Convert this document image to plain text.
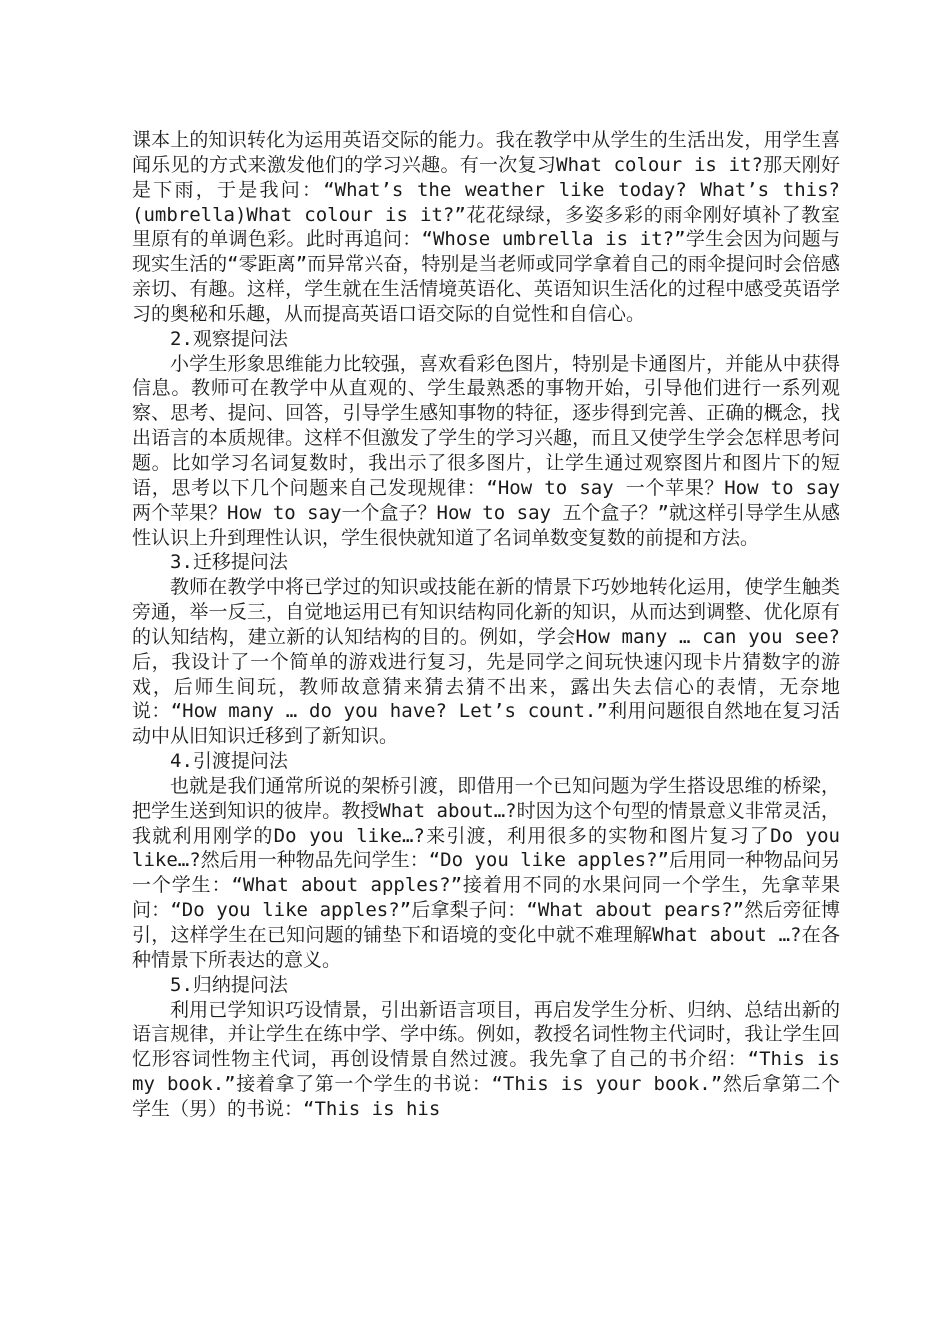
课本上的知识转化为运用英语交际的能力。我在教学中从学生的生活出发，用学生喜闻乐见的方式来激发他们的学习兴趣。有一次复习What colour is it?那天刚好是下雨，于是我问：“What’s the weather like today? What’s this?(umbrella)What colour is it?”花花绿绿，多姿多彩的雨伞刚好填补了教室里原有的单调色彩。此时再追问：“Whose umbrella is it?”学生会因为问题与现实生活的“零距离”而异常兴奋，特别是当老师或同学拿着自己的雨伞提问时会倍感亲切、有趣。这样，学生就在生活情境英语化、英语知识生活化的过程中感受英语学习的奥秘和乐趣，从而提高英语口语交际的自觉性和自信心。

2.观察提问法

小学生形象思维能力比较强，喜欢看彩色图片，特别是卡通图片，并能从中获得信息。教师可在教学中从直观的、学生最熟悉的事物开始，引导他们进行一系列观察、思考、提问、回答，引导学生感知事物的特征，逐步得到完善、正确的概念，找出语言的本质规律。这样不但激发了学生的学习兴趣，而且又使学生学会怎样思考问题。比如学习名词复数时，我出示了很多图片，让学生通过观察图片和图片下的短语，思考以下几个问题来自己发现规律：“How to say 一个苹果？How to say 两个苹果？How to say一个盒子？How to say 五个盒子？”就这样引导学生从感性认识上升到理性认识，学生很快就知道了名词单数变复数的前提和方法。

3.迁移提问法

教师在教学中将已学过的知识或技能在新的情景下巧妙地转化运用，使学生触类旁通，举一反三，自觉地运用已有知识结构同化新的知识，从而达到调整、优化原有的认知结构，建立新的认知结构的目的。例如，学会How many … can you see?后，我设计了一个简单的游戏进行复习，先是同学之间玩快速闪现卡片猜数字的游戏，后师生间玩，教师故意猜来猜去猜不出来，露出失去信心的表情，无奈地说：“How many … do you have? Let’s count.”利用问题很自然地在复习活动中从旧知识迁移到了新知识。

4.引渡提问法

也就是我们通常所说的架桥引渡，即借用一个已知问题为学生搭设思维的桥梁，把学生送到知识的彼岸。教授What about…?时因为这个句型的情景意义非常灵活，我就利用刚学的Do you like…?来引渡，利用很多的实物和图片复习了Do you like…?然后用一种物品先问学生：“Do you like apples?”后用同一种物品问另一个学生：“What about apples?”接着用不同的水果问同一个学生，先拿苹果问：“Do you like apples?”后拿梨子问：“What about pears?”然后旁征博引，这样学生在已知问题的铺垫下和语境的变化中就不难理解What about …?在各种情景下所表达的意义。

5.归纳提问法

利用已学知识巧设情景，引出新语言项目，再启发学生分析、归纳、总结出新的语言规律，并让学生在练中学、学中练。例如，教授名词性物主代词时，我让学生回忆形容词性物主代词，再创设情景自然过渡。我先拿了自己的书介绍：“This is my book.”接着拿了第一个学生的书说：“This is your book.”然后拿第二个学生（男）的书说：“This is his
